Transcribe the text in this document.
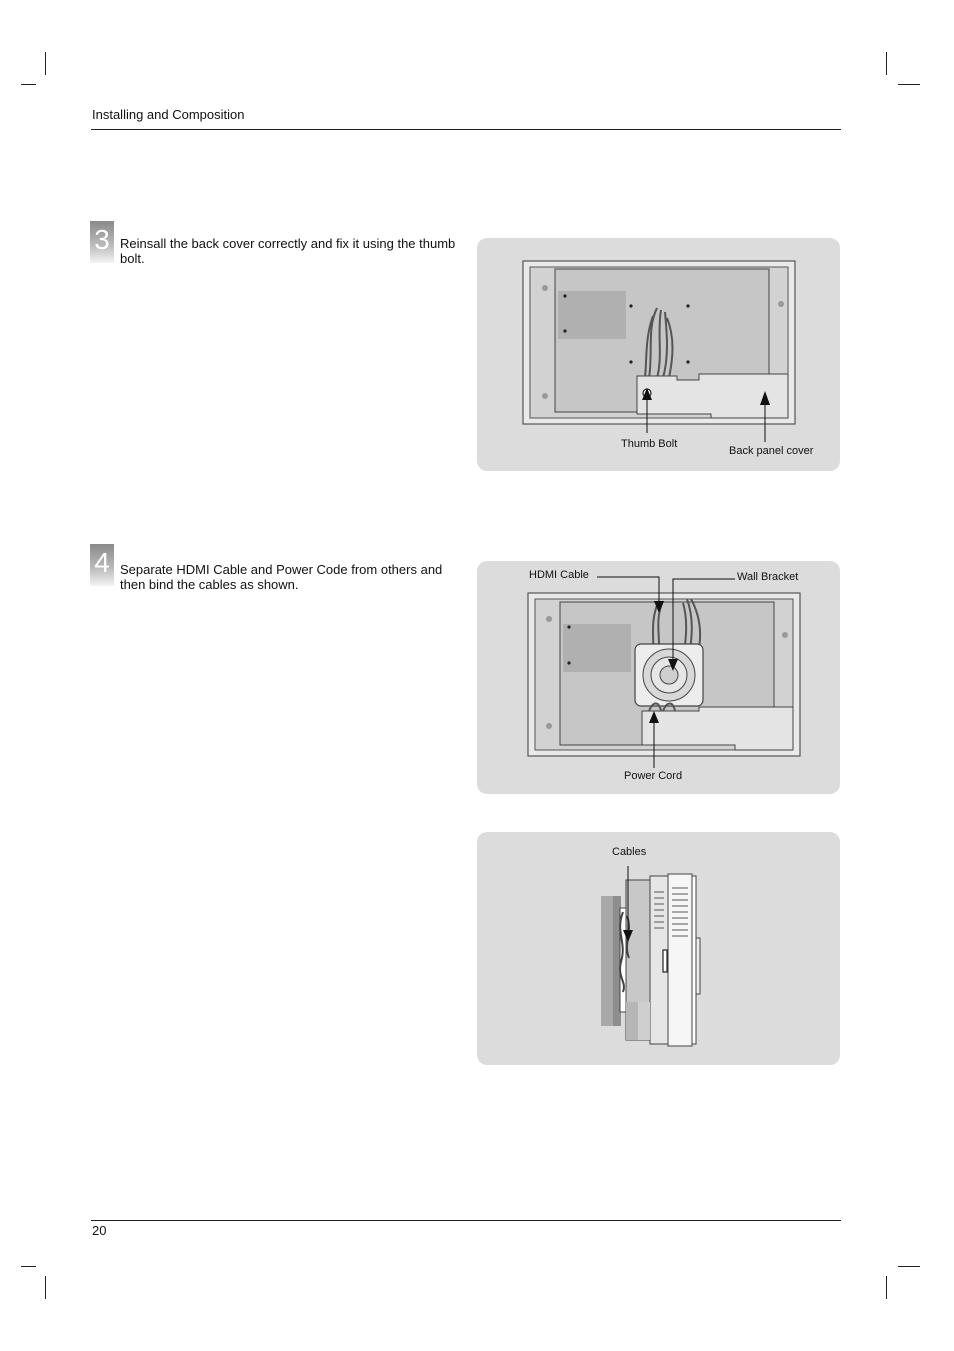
Installing and Composition
3 Reinsall the back cover correctly and fix it using the thumb bolt.
Thumb Bolt
Back panel cover
4 Separate HDMI Cable and Power Code from others and then bind the cables as shown.
HDMI Cable	Wall Bracket
Power Cord
Cables
20
